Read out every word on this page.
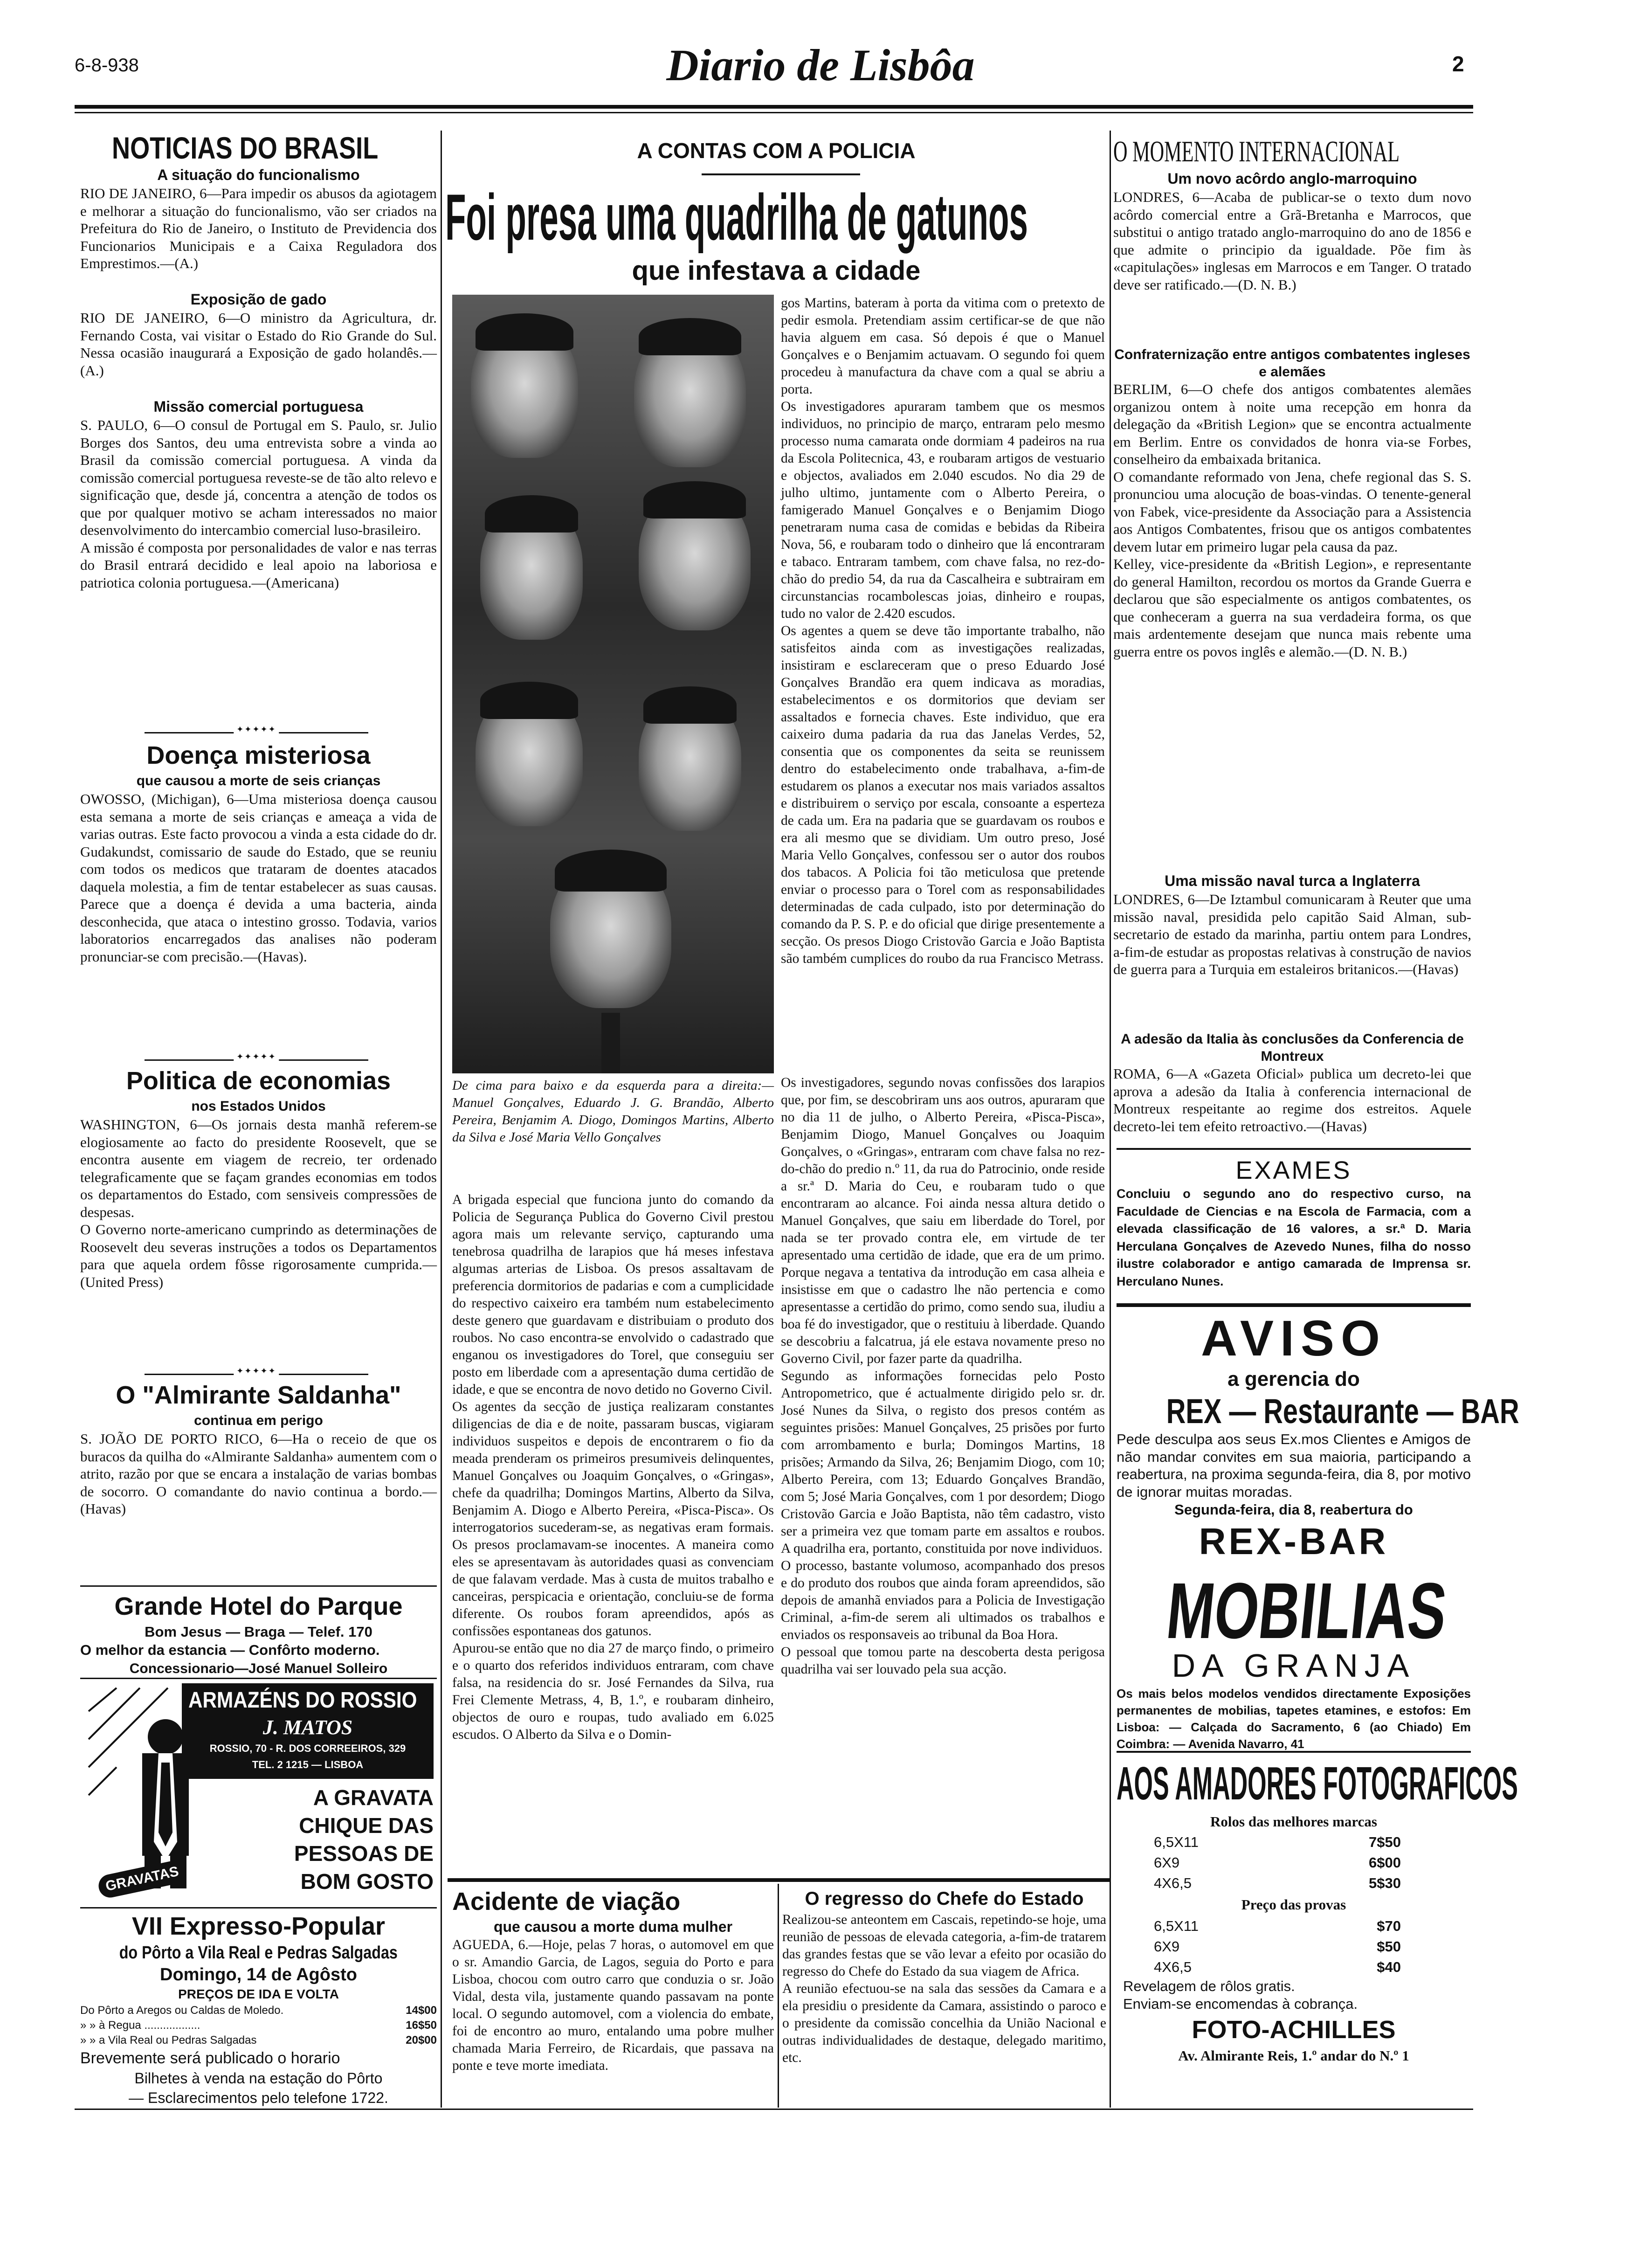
6-8-938	Diario de Lisbôa	2
NOTICIAS DO BRASIL
A situação do funcionalismo

RIO DE JANEIRO, 6—Para impedir os abusos da agiotagem e melhorar a situação do funcionalismo, vão ser criados na Prefeitura do Rio de Janeiro, o Instituto de Previdencia dos Funcionarios Municipais e a Caixa Reguladora dos Emprestimos.—(A.)

Exposição de gado

RIO DE JANEIRO, 6—O ministro da Agricultura, dr. Fernando Costa, vai visitar o Estado do Rio Grande do Sul. Nessa ocasião inaugurará a Exposição de gado holandês.—(A.)

Missão comercial portuguesa

S. PAULO, 6—O consul de Portugal em S. Paulo, sr. Julio Borges dos Santos, deu uma entrevista sobre a vinda ao Brasil da comissão comercial portuguesa. A vinda da comissão comercial portuguesa reveste-se de tão alto relevo e significação que, desde já, concentra a atenção de todos os que por qualquer motivo se acham interessados no maior desenvolvimento do intercambio comercial luso-brasileiro.
A missão é composta por personalidades de valor e nas terras do Brasil entrará decidido e leal apoio na laboriosa e patriotica colonia portuguesa.—(Americana)

✦✦✦✦✦
Doença misteriosa
que causou a morte de seis crianças

OWOSSO, (Michigan), 6—Uma misteriosa doença causou esta semana a morte de seis crianças e ameaça a vida de varias outras. Este facto provocou a vinda a esta cidade do dr. Gudakundst, comissario de saude do Estado, que se reuniu com todos os medicos que trataram de doentes atacados daquela molestia, a fim de tentar estabelecer as suas causas. Parece que a doença é devida a uma bacteria, ainda desconhecida, que ataca o intestino grosso. Todavia, varios laboratorios encarregados das analises não poderam pronunciar-se com precisão.—(Havas).

✦✦✦✦✦
Politica de economias
nos Estados Unidos

WASHINGTON, 6—Os jornais desta manhã referem-se elogiosamente ao facto do presidente Roosevelt, que se encontra ausente em viagem de recreio, ter ordenado telegraficamente que se façam grandes economias em todos os departamentos do Estado, com sensiveis compressões de despesas.
O Governo norte-americano cumprindo as determinações de Roosevelt deu severas instruções a todos os Departamentos para que aquela ordem fôsse rigorosamente cumprida.—(United Press)

✦✦✦✦✦
O "Almirante Saldanha"
continua em perigo

S. JOÃO DE PORTO RICO, 6—Ha o receio de que os buracos da quilha do «Almirante Saldanha» aumentem com o atrito, razão por que se encara a instalação de varias bombas de socorro. O comandante do navio continua a bordo.—(Havas)

Grande Hotel do Parque
Bom Jesus — Braga — Telef. 170
O melhor da estancia — Confôrto moderno.
Concessionario—José Manuel Solleiro
GRAVATAS
ARMAZÉNS DO ROSSIO
J. MATOS
ROSSIO, 70 - R. DOS CORREEIROS, 329
TEL. 2 1215 — LISBOA
A GRAVATA
CHIQUE DAS
PESSOAS DE
BOM GOSTO
VII Expresso-Popular
do Pôrto a Vila Real e Pedras Salgadas
Domingo, 14 de Agôsto
PREÇOS DE IDA E VOLTA
Do Pôrto a Aregos ou Caldas de Moledo.	14$00
» » à Regua ..................	16$50
» » a Vila Real ou Pedras Salgadas	20$00
Brevemente será publicado o horario
Bilhetes à venda na estação do Pôrto
— Esclarecimentos pelo telefone 1722.
A CONTAS COM A POLICIA
Foi presa uma quadrilha de gatunos
que infestava a cidade

De cima para baixo e da esquerda para a direita:—Manuel Gonçalves, Eduardo J. G. Brandão, Alberto Pereira, Benjamim A. Diogo, Domingos Martins, Alberto da Silva e José Maria Vello Gonçalves

A brigada especial que funciona junto do comando da Policia de Segurança Publica do Governo Civil prestou agora mais um relevante serviço, capturando uma tenebrosa quadrilha de larapios que há meses infestava algumas arterias de Lisboa. Os presos assaltavam de preferencia dormitorios de padarias e com a cumplicidade do respectivo caixeiro era também num estabelecimento deste genero que guardavam e distribuiam o produto dos roubos. No caso encontra-se envolvido o cadastrado que enganou os investigadores do Torel, que conseguiu ser posto em liberdade com a apresentação duma certidão de idade, e que se encontra de novo detido no Governo Civil.
Os agentes da secção de justiça realizaram constantes diligencias de dia e de noite, passaram buscas, vigiaram individuos suspeitos e depois de encontrarem o fio da meada prenderam os primeiros presumiveis delinquentes, Manuel Gonçalves ou Joaquim Gonçalves, o «Gringas», chefe da quadrilha; Domingos Martins, Alberto da Silva, Benjamim A. Diogo e Alberto Pereira, «Pisca-Pisca». Os interrogatorios sucederam-se, as negativas eram formais. Os presos proclamavam-se inocentes. A maneira como eles se apresentavam às autoridades quasi as convenciam de que falavam verdade. Mas à custa de muitos trabalho e canceiras, perspicacia e orientação, concluiu-se de forma diferente. Os roubos foram apreendidos, após as confissões espontaneas dos gatunos.
Apurou-se então que no dia 27 de março findo, o primeiro e o quarto dos referidos individuos entraram, com chave falsa, na residencia do sr. José Fernandes da Silva, rua Frei Clemente Metrass, 4, B, 1.º, e roubaram dinheiro, objectos de ouro e roupas, tudo avaliado em 6.025 escudos. O Alberto da Silva e o Domin-

gos Martins, bateram à porta da vitima com o pretexto de pedir esmola. Pretendiam assim certificar-se de que não havia alguem em casa. Só depois é que o Manuel Gonçalves e o Benjamim actuavam. O segundo foi quem procedeu à manufactura da chave com a qual se abriu a porta.
Os investigadores apuraram tambem que os mesmos individuos, no principio de março, entraram pelo mesmo processo numa camarata onde dormiam 4 padeiros na rua da Escola Politecnica, 43, e roubaram artigos de vestuario e objectos, avaliados em 2.040 escudos. No dia 29 de julho ultimo, juntamente com o Alberto Pereira, o famigerado Manuel Gonçalves e o Benjamim Diogo penetraram numa casa de comidas e bebidas da Ribeira Nova, 56, e roubaram todo o dinheiro que lá encontraram e tabaco. Entraram tambem, com chave falsa, no rez-do-chão do predio 54, da rua da Cascalheira e subtrairam em circunstancias rocambolescas joias, dinheiro e roupas, tudo no valor de 2.420 escudos.
Os agentes a quem se deve tão importante trabalho, não satisfeitos ainda com as investigações realizadas, insistiram e esclareceram que o preso Eduardo José Gonçalves Brandão era quem indicava as moradias, estabelecimentos e os dormitorios que deviam ser assaltados e fornecia chaves. Este individuo, que era caixeiro duma padaria da rua das Janelas Verdes, 52, consentia que os componentes da seita se reunissem dentro do estabelecimento onde trabalhava, a-fim-de estudarem os planos a executar nos mais variados assaltos e distribuirem o serviço por escala, consoante a esperteza de cada um. Era na padaria que se guardavam os roubos e era ali mesmo que se dividiam. Um outro preso, José Maria Vello Gonçalves, confessou ser o autor dos roubos dos tabacos. A Policia foi tão meticulosa que pretende enviar o processo para o Torel com as responsabilidades determinadas de cada culpado, isto por determinação do comando da P. S. P. e do oficial que dirige presentemente a secção. Os presos Diogo Cristovão Garcia e João Baptista são também cumplices do roubo da rua Francisco Metrass.

Os investigadores, segundo novas confissões dos larapios que, por fim, se descobriram uns aos outros, apuraram que no dia 11 de julho, o Alberto Pereira, «Pisca-Pisca», Benjamim Diogo, Manuel Gonçalves ou Joaquim Gonçalves, o «Gringas», entraram com chave falsa no rez-do-chão do predio n.º 11, da rua do Patrocinio, onde reside a sr.ª D. Maria do Ceu, e roubaram tudo o que encontraram ao alcance. Foi ainda nessa altura detido o Manuel Gonçalves, que saiu em liberdade do Torel, por nada se ter provado contra ele, em virtude de ter apresentado uma certidão de idade, que era de um primo. Porque negava a tentativa da introdução em casa alheia e insistisse em que o cadastro lhe não pertencia e como apresentasse a certidão do primo, como sendo sua, iludiu a boa fé do investigador, que o restituiu à liberdade. Quando se descobriu a falcatrua, já ele estava novamente preso no Governo Civil, por fazer parte da quadrilha.
Segundo as informações fornecidas pelo Posto Antropometrico, que é actualmente dirigido pelo sr. dr. José Nunes da Silva, o registo dos presos contém as seguintes prisões: Manuel Gonçalves, 25 prisões por furto com arrombamento e burla; Domingos Martins, 18 prisões; Armando da Silva, 26; Benjamim Diogo, com 10; Alberto Pereira, com 13; Eduardo Gonçalves Brandão, com 5; José Maria Gonçalves, com 1 por desordem; Diogo Cristovão Garcia e João Baptista, não têm cadastro, visto ser a primeira vez que tomam parte em assaltos e roubos. A quadrilha era, portanto, constituida por nove individuos.
O processo, bastante volumoso, acompanhado dos presos e do produto dos roubos que ainda foram apreendidos, são depois de amanhã enviados para a Policia de Investigação Criminal, a-fim-de serem ali ultimados os trabalhos e enviados os responsaveis ao tribunal da Boa Hora.
O pessoal que tomou parte na descoberta desta perigosa quadrilha vai ser louvado pela sua acção.

Acidente de viação
que causou a morte duma mulher

AGUEDA, 6.—Hoje, pelas 7 horas, o automovel em que o sr. Amandio Garcia, de Lagos, seguia do Porto e para Lisboa, chocou com outro carro que conduzia o sr. João Vidal, desta vila, justamente quando passavam na ponte local. O segundo automovel, com a violencia do embate, foi de encontro ao muro, entalando uma pobre mulher chamada Maria Ferreiro, de Ricardais, que passava na ponte e teve morte imediata.

O regresso do Chefe do Estado

Realizou-se anteontem em Cascais, repetindo-se hoje, uma reunião de pessoas de elevada categoria, a-fim-de tratarem das grandes festas que se vão levar a efeito por ocasião do regresso do Chefe do Estado da sua viagem de Africa.
A reunião efectuou-se na sala das sessões da Camara e a ela presidiu o presidente da Camara, assistindo o paroco e o presidente da comissão concelhia da União Nacional e outras individualidades de destaque, delegado maritimo, etc.

O MOMENTO INTERNACIONAL
Um novo acôrdo anglo-marroquino

LONDRES, 6—Acaba de publicar-se o texto dum novo acôrdo comercial entre a Grã-Bretanha e Marrocos, que substitui o antigo tratado anglo-marroquino do ano de 1856 e que admite o principio da igualdade. Põe fim às «capitulações» inglesas em Marrocos e em Tanger. O tratado deve ser ratificado.—(D. N. B.)

Confraternização entre antigos combatentes ingleses e alemães

BERLIM, 6—O chefe dos antigos combatentes alemães organizou ontem à noite uma recepção em honra da delegação da «British Legion» que se encontra actualmente em Berlim. Entre os convidados de honra via-se Forbes, conselheiro da embaixada britanica.
O comandante reformado von Jena, chefe regional das S. S. pronunciou uma alocução de boas-vindas. O tenente-general von Fabek, vice-presidente da Associação para a Assistencia aos Antigos Combatentes, frisou que os antigos combatentes devem lutar em primeiro lugar pela causa da paz.
Kelley, vice-presidente da «British Legion», e representante do general Hamilton, recordou os mortos da Grande Guerra e declarou que são especialmente os antigos combatentes, os que conheceram a guerra na sua verdadeira forma, os que mais ardentemente desejam que nunca mais rebente uma guerra entre os povos inglês e alemão.—(D. N. B.)

Uma missão naval turca a Inglaterra

LONDRES, 6—De Iztambul comunicaram à Reuter que uma missão naval, presidida pelo capitão Said Alman, sub-secretario de estado da marinha, partiu ontem para Londres, a-fim-de estudar as propostas relativas à construção de navios de guerra para a Turquia em estaleiros britanicos.—(Havas)

A adesão da Italia às conclusões da Conferencia de Montreux

ROMA, 6—A «Gazeta Oficial» publica um decreto-lei que aprova a adesão da Italia à conferencia internacional de Montreux respeitante ao regime dos estreitos. Aquele decreto-lei tem efeito retroactivo.—(Havas)

EXAMES

Concluiu o segundo ano do respectivo curso, na Faculdade de Ciencias e na Escola de Farmacia, com a elevada classificação de 16 valores, a sr.ª D. Maria Herculana Gonçalves de Azevedo Nunes, filha do nosso ilustre colaborador e antigo camarada de Imprensa sr. Herculano Nunes.

AVISO
a gerencia do
REX — Restaurante — BAR

Pede desculpa aos seus Ex.mos Clientes e Amigos de não mandar convites em sua maioria, participando a reabertura, na proxima segunda-feira, dia 8, por motivo de ignorar muitas moradas.

Segunda-feira, dia 8, reabertura do
REX-BAR
MOBILIAS
DA GRANJA

Os mais belos modelos vendidos directamente Exposições permanentes de mobilias, tapetes etamines, e estofos: Em Lisboa: — Calçada do Sacramento, 6 (ao Chiado) Em Coimbra: — Avenida Navarro, 41

AOS AMADORES FOTOGRAFICOS
Rolos das melhores marcas
6,5X11	7$50
6X9	6$00
4X6,5	5$30
Preço das provas
6,5X11	$70
6X9	$50
4X6,5	$40
Revelagem de rôlos gratis.
Enviam-se encomendas à cobrança.
FOTO-ACHILLES
Av. Almirante Reis, 1.º andar do N.º 1
